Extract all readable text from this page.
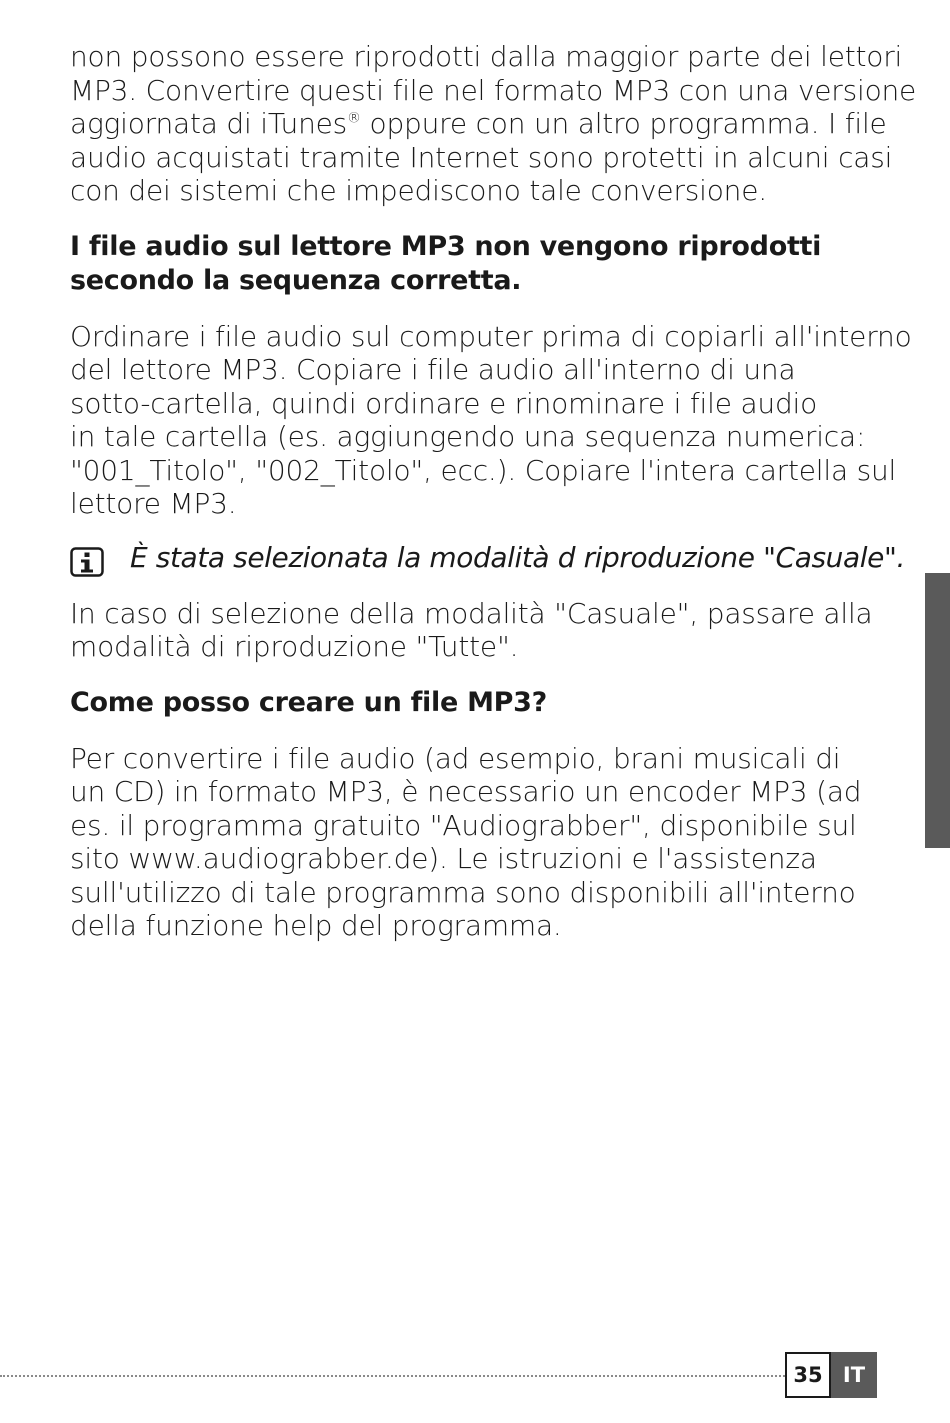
non possono essere riprodotti dalla maggior parte dei lettori
MP3. Convertire questi file nel formato MP3 con una versione
aggiornata di iTunes® oppure con un altro programma. I file
audio acquistati tramite Internet sono protetti in alcuni casi
con dei sistemi che impediscono tale conversione.

I file audio sul lettore MP3 non vengono riprodotti
secondo la sequenza corretta.

Ordinare i file audio sul computer prima di copiarli all'interno
del lettore MP3. Copiare i file audio all'interno di una
sotto-cartella, quindi ordinare e rinominare i file audio
in tale cartella (es. aggiungendo una sequenza numerica:
"001_Titolo", "002_Titolo", ecc.). Copiare l'intera cartella sul
lettore MP3.

È stata selezionata la modalità d riproduzione "Casuale".

In caso di selezione della modalità "Casuale", passare alla
modalità di riproduzione "Tutte".

Come posso creare un file MP3?

Per convertire i file audio (ad esempio, brani musicali di
un CD) in formato MP3, è necessario un encoder MP3 (ad
es. il programma gratuito "Audiograbber", disponibile sul
sito www.audiograbber.de). Le istruzioni e l'assistenza
sull'utilizzo di tale programma sono disponibili all'interno
della funzione help del programma.

35 IT
